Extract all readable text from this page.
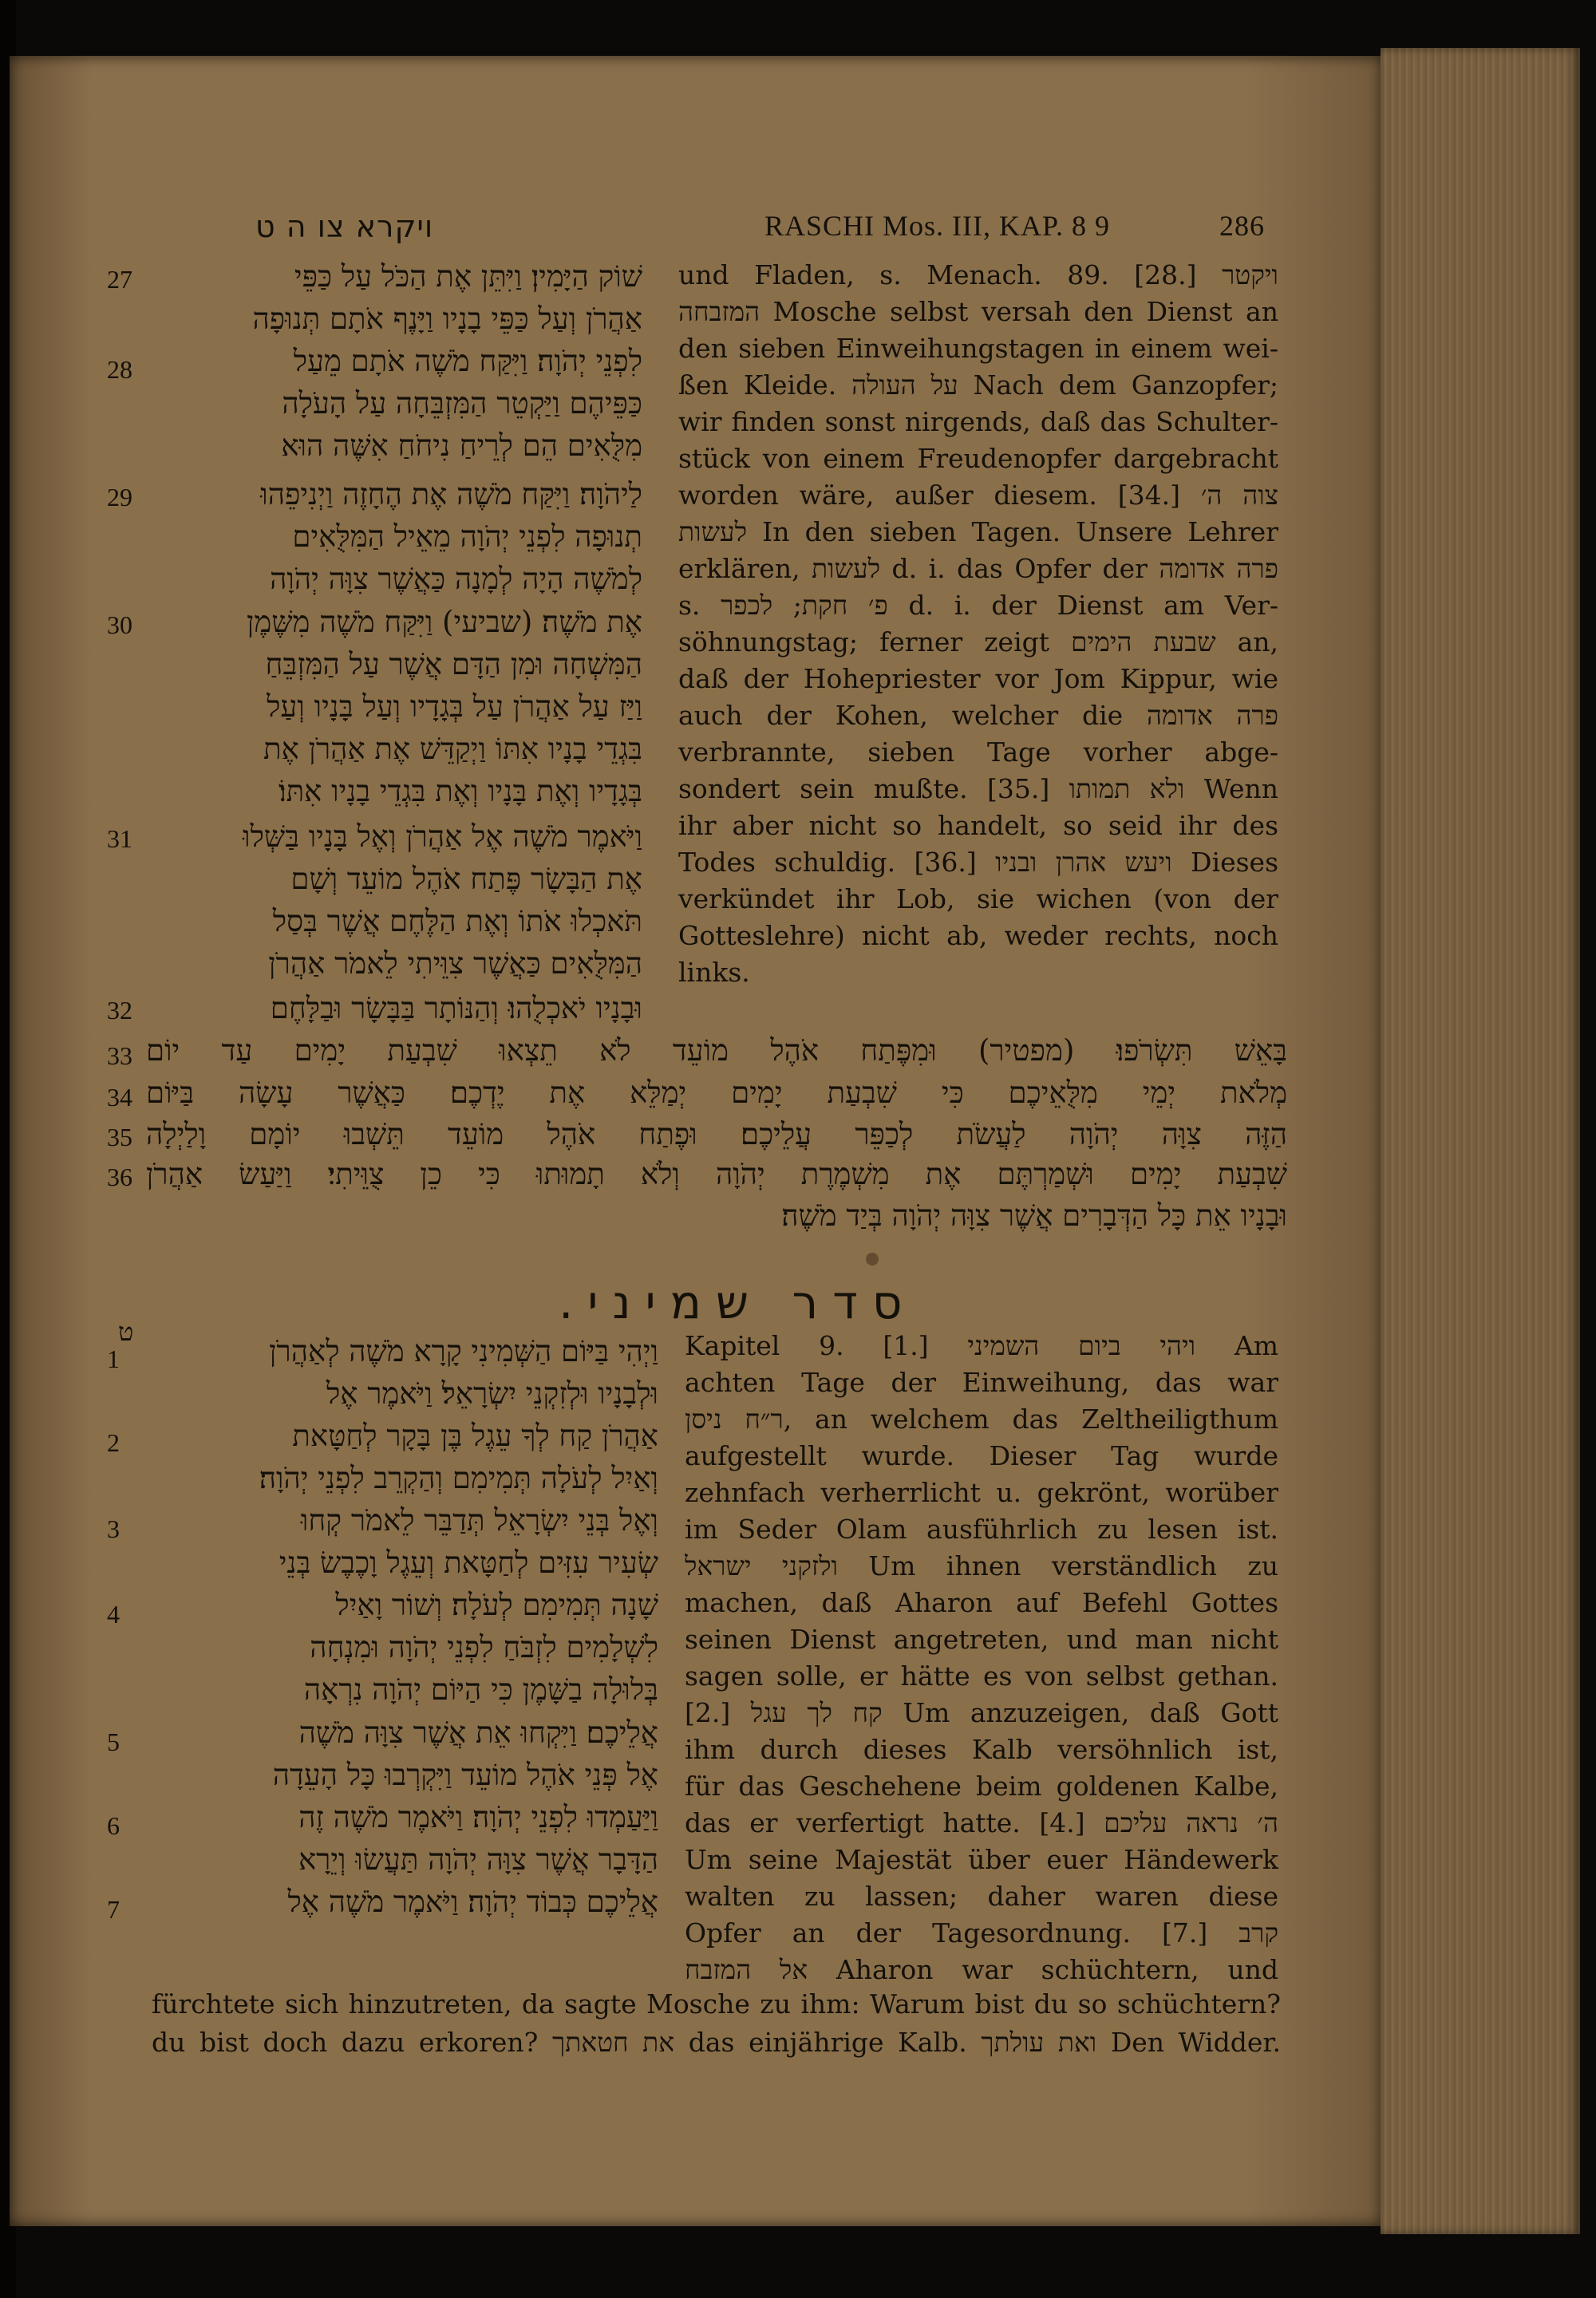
ויקרא צו ה ט	RASCHI Mos. III, KAP. 8 9	286
27
28
29
30
31
32
33
34
35
36
שׁוֹק הַיָּמִין׃ וַיִּתֵּן אֶת הַכֹּל עַל כַּפֵּי
אַהֲרֹן וְעַל כַּפֵּי בָנָיו וַיָּנֶף אֹתָם תְּנוּפָה
לִפְנֵי יְהֹוָה׃ וַיִּקַּח מֹשֶׁה אֹתָם מֵעַל
כַּפֵּיהֶם וַיַּקְטֵר הַמִּזְבֵּחָה עַל הָעֹלָה
מִלֻּאִים הֵם לְרֵיחַ נִיחֹחַ אִשֶּׁה הוּא
לַיהֹוָה׃ וַיִּקַּח מֹשֶׁה אֶת הֶחָזֶה וַיְנִיפֵהוּ
תְנוּפָה לִפְנֵי יְהֹוָה מֵאֵיל הַמִּלֻּאִים
לְמֹשֶׁה הָיָה לְמָנָה כַּאֲשֶׁר צִוָּה יְהֹוָה
אֶת מֹשֶׁה׃ (שביעי) וַיִּקַּח מֹשֶׁה מִשֶּׁמֶן
הַמִּשְׁחָה וּמִן הַדָּם אֲשֶׁר עַל הַמִּזְבֵּחַ
וַיַּז עַל אַהֲרֹן עַל בְּגָדָיו וְעַל בָּנָיו וְעַל
בִּגְדֵי בָנָיו אִתּוֹ וַיְקַדֵּשׁ אֶת אַהֲרֹן אֶת
בְּגָדָיו וְאֶת בָּנָיו וְאֶת בִּגְדֵי בָנָיו אִתּוֹ׃
וַיֹּאמֶר מֹשֶׁה אֶל אַהֲרֹן וְאֶל בָּנָיו בַּשְּׁלוּ
אֶת הַבָּשָׂר פֶּתַח אֹהֶל מוֹעֵד וְשָׁם
תֹּאכְלוּ אֹתוֹ וְאֶת הַלֶּחֶם אֲשֶׁר בְּסַל
הַמִּלֻּאִים כַּאֲשֶׁר צִוֵּיתִי לֵאמֹר אַהֲרֹן
וּבָנָיו יֹאכְלֻהוּ׃ וְהַנּוֹתָר בַּבָּשָׂר וּבַלָּחֶם
und Fladen, s. Menach. 89. [28.] ויקטר
המזבחה Mosche selbst versah den Dienst an
den sieben Einweihungstagen in einem wei-
ßen Kleide. על העולה Nach dem Ganzopfer;
wir finden sonst nirgends, daß das Schulter-
stück von einem Freudenopfer dargebracht
worden wäre, außer diesem. [34.] צוה ה׳
לעשות In den sieben Tagen. Unsere Lehrer
erklären, לעשות d. i. das Opfer der פרה אדומה
s. פ׳ חקת; לכפר d. i. der Dienst am Ver-
söhnungstag; ferner zeigt שבעת הימים an,
daß der Hohepriester vor Jom Kippur, wie
auch der Kohen, welcher die פרה אדומה
verbrannte, sieben Tage vorher abge-
sondert sein mußte. [35.] ולא תמותו Wenn
ihr aber nicht so handelt, so seid ihr des
Todes schuldig. [36.] ויעש אהרן ובניו Dieses
verkündet ihr Lob, sie wichen (von der
Gotteslehre) nicht ab, weder rechts, noch
links.
בָּאֵשׁ תִּשְׂרֹפוּ׃ (מפטיר) וּמִפֶּתַח אֹהֶל מוֹעֵד לֹא תֵצְאוּ שִׁבְעַת יָמִים עַד יוֹם
מְלֹאת יְמֵי מִלֻּאֵיכֶם כִּי שִׁבְעַת יָמִים יְמַלֵּא אֶת יֶדְכֶם׃ כַּאֲשֶׁר עָשָׂה בַּיּוֹם
הַזֶּה צִוָּה יְהֹוָה לַעֲשֹׂת לְכַפֵּר עֲלֵיכֶם׃ וּפֶתַח אֹהֶל מוֹעֵד תֵּשְׁבוּ יוֹמָם וָלַיְלָה
שִׁבְעַת יָמִים וּשְׁמַרְתֶּם אֶת מִשְׁמֶרֶת יְהֹוָה וְלֹא תָמוּתוּ כִּי כֵן צֻוֵּיתִי׃ וַיַּעַשׂ אַהֲרֹן
וּבָנָיו אֵת כָּל הַדְּבָרִים אֲשֶׁר צִוָּה יְהֹוָה בְּיַד מֹשֶׁה׃
סדר שמיני.
ט
1
2
3
4
5
6
7
וַיְהִי בַּיּוֹם הַשְּׁמִינִי קָרָא מֹשֶׁה לְאַהֲרֹן
וּלְבָנָיו וּלְזִקְנֵי יִשְׂרָאֵל׃ וַיֹּאמֶר אֶל
אַהֲרֹן קַח לְךָ עֵגֶל בֶּן בָּקָר לְחַטָּאת
וְאַיִל לְעֹלָה תְּמִימִם וְהַקְרֵב לִפְנֵי יְהֹוָה׃
וְאֶל בְּנֵי יִשְׂרָאֵל תְּדַבֵּר לֵאמֹר קְחוּ
שְׂעִיר עִזִּים לְחַטָּאת וְעֵגֶל וָכֶבֶשׂ בְּנֵי
שָׁנָה תְּמִימִם לְעֹלָה׃ וְשׁוֹר וָאַיִל
לִשְׁלָמִים לִזְבֹּחַ לִפְנֵי יְהֹוָה וּמִנְחָה
בְּלוּלָה בַשָּׁמֶן כִּי הַיּוֹם יְהֹוָה נִרְאָה
אֲלֵיכֶם׃ וַיִּקְחוּ אֵת אֲשֶׁר צִוָּה מֹשֶׁה
אֶל פְּנֵי אֹהֶל מוֹעֵד וַיִּקְרְבוּ כָּל הָעֵדָה
וַיַּעַמְדוּ לִפְנֵי יְהֹוָה׃ וַיֹּאמֶר מֹשֶׁה זֶה
הַדָּבָר אֲשֶׁר צִוָּה יְהֹוָה תַּעֲשׂוּ וְיֵרָא
אֲלֵיכֶם כְּבוֹד יְהֹוָה׃ וַיֹּאמֶר מֹשֶׁה אֶל
Kapitel 9. [1.] ויהי ביום השמיני Am
achten Tage der Einweihung, das war
ר״ח ניסן, an welchem das Zeltheiligthum
aufgestellt wurde. Dieser Tag wurde
zehnfach verherrlicht u. gekrönt, worüber
im Seder Olam ausführlich zu lesen ist.
ולזקני ישראל Um ihnen verständlich zu
machen, daß Aharon auf Befehl Gottes
seinen Dienst angetreten, und man nicht
sagen solle, er hätte es von selbst gethan.
[2.] קח לך עגל Um anzuzeigen, daß Gott
ihm durch dieses Kalb versöhnlich ist,
für das Geschehene beim goldenen Kalbe,
das er verfertigt hatte. [4.] ה׳ נראה עליכם
Um seine Majestät über euer Händewerk
walten zu lassen; daher waren diese
Opfer an der Tagesordnung. [7.] קרב
אל המזבח Aharon war schüchtern, und
fürchtete sich hinzutreten, da sagte Mosche zu ihm: Warum bist du so schüchtern?
du bist doch dazu erkoren? את חטאתך das einjährige Kalb. ואת עולתך Den Widder.
